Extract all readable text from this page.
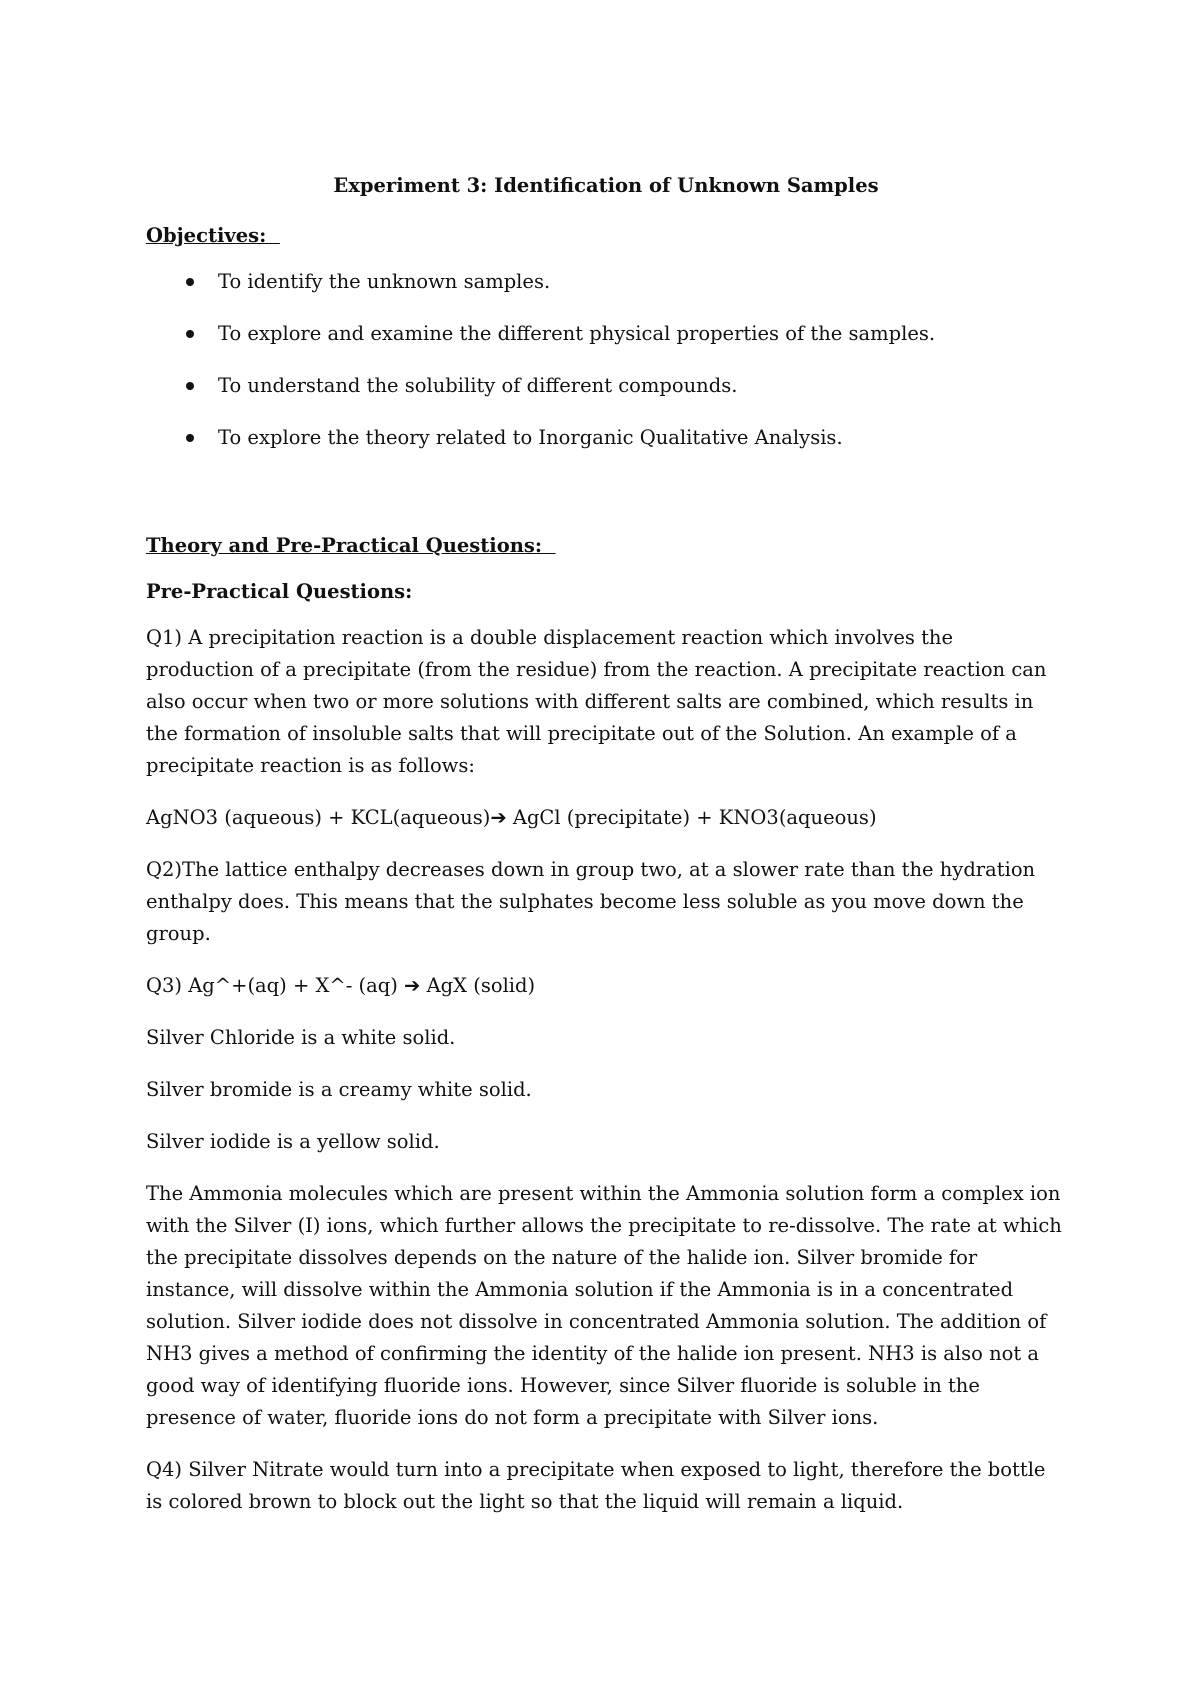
Experiment 3: Identification of Unknown Samples
Objectives:
To identify the unknown samples.
To explore and examine the different physical properties of the samples.
To understand the solubility of different compounds.
To explore the theory related to Inorganic Qualitative Analysis.
Theory and Pre-Practical Questions:
Pre-Practical Questions:

Q1) A precipitation reaction is a double displacement reaction which involves the production of a precipitate (from the residue) from the reaction. A precipitate reaction can also occur when two or more solutions with different salts are combined, which results in the formation of insoluble salts that will precipitate out of the Solution. An example of a precipitate reaction is as follows:

AgNO3 (aqueous) + KCL(aqueous)➔ AgCl (precipitate) + KNO3(aqueous)

Q2)The lattice enthalpy decreases down in group two, at a slower rate than the hydration enthalpy does. This means that the sulphates become less soluble as you move down the group.

Q3) Ag^+(aq) + X^- (aq) ➔ AgX (solid)

Silver Chloride is a white solid.

Silver bromide is a creamy white solid.

Silver iodide is a yellow solid.

The Ammonia molecules which are present within the Ammonia solution form a complex ion with the Silver (I) ions, which further allows the precipitate to re-dissolve. The rate at which the precipitate dissolves depends on the nature of the halide ion. Silver bromide for instance, will dissolve within the Ammonia solution if the Ammonia is in a concentrated solution. Silver iodide does not dissolve in concentrated Ammonia solution. The addition of NH3 gives a method of confirming the identity of the halide ion present. NH3 is also not a good way of identifying fluoride ions. However, since Silver fluoride is soluble in the presence of water, fluoride ions do not form a precipitate with Silver ions.

Q4) Silver Nitrate would turn into a precipitate when exposed to light, therefore the bottle is colored brown to block out the light so that the liquid will remain a liquid.
